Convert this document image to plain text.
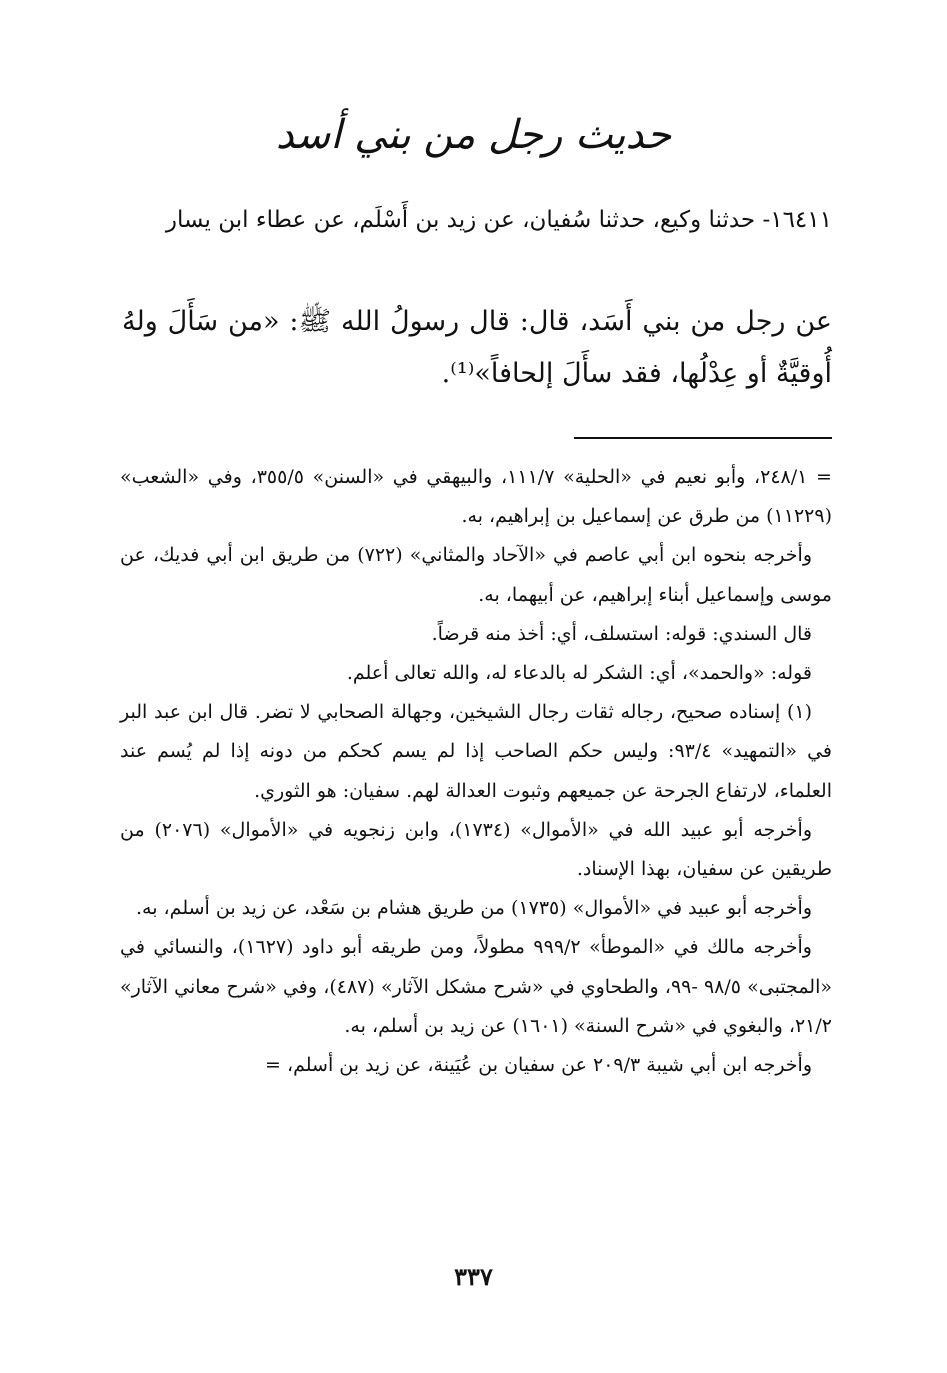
حديث رجل من بني أسد
١٦٤١١- حدثنا وكيع، حدثنا سُفيان، عن زيد بن أَسْلَم، عن عطاء ابن يسار
عن رجل من بني أَسَد، قال: قال رسولُ الله ﷺ: «من سَأَلَ ولهُ أُوقيَّةٌ أو عِدْلُها، فقد سأَلَ إلحافاً»⁽¹⁾.

= ٢٤٨/١، وأبو نعيم في «الحلية» ١١١/٧، والبيهقي في «السنن» ٣٥٥/٥، وفي «الشعب» (١١٢٢٩) من طرق عن إسماعيل بن إبراهيم، به.

وأخرجه بنحوه ابن أبي عاصم في «الآحاد والمثاني» (٧٢٢) من طريق ابن أبي فديك، عن موسى وإسماعيل أبناء إبراهيم، عن أبيهما، به.

قال السندي: قوله: استسلف، أي: أخذ منه قرضاً.

قوله: «والحمد»، أي: الشكر له بالدعاء له، والله تعالى أعلم.

(١) إسناده صحيح، رجاله ثقات رجال الشيخين، وجهالة الصحابي لا تضر. قال ابن عبد البر في «التمهيد» ٩٣/٤: وليس حكم الصاحب إذا لم يسم كحكم من دونه إذا لم يُسم عند العلماء، لارتفاع الجرحة عن جميعهم وثبوت العدالة لهم. سفيان: هو الثوري.

وأخرجه أبو عبيد الله في «الأموال» (١٧٣٤)، وابن زنجويه في «الأموال» (٢٠٧٦) من طريقين عن سفيان، بهذا الإسناد.

وأخرجه أبو عبيد في «الأموال» (١٧٣٥) من طريق هشام بن سَعْد، عن زيد بن أسلم، به.

وأخرجه مالك في «الموطأ» ٩٩٩/٢ مطولاً، ومن طريقه أبو داود (١٦٢٧)، والنسائي في «المجتبى» ٩٨/٥ -٩٩، والطحاوي في «شرح مشكل الآثار» (٤٨٧)، وفي «شرح معاني الآثار» ٢١/٢، والبغوي في «شرح السنة» (١٦٠١) عن زيد بن أسلم، به.

وأخرجه ابن أبي شيبة ٢٠٩/٣ عن سفيان بن عُيَينة، عن زيد بن أسلم، =

٣٣٧
